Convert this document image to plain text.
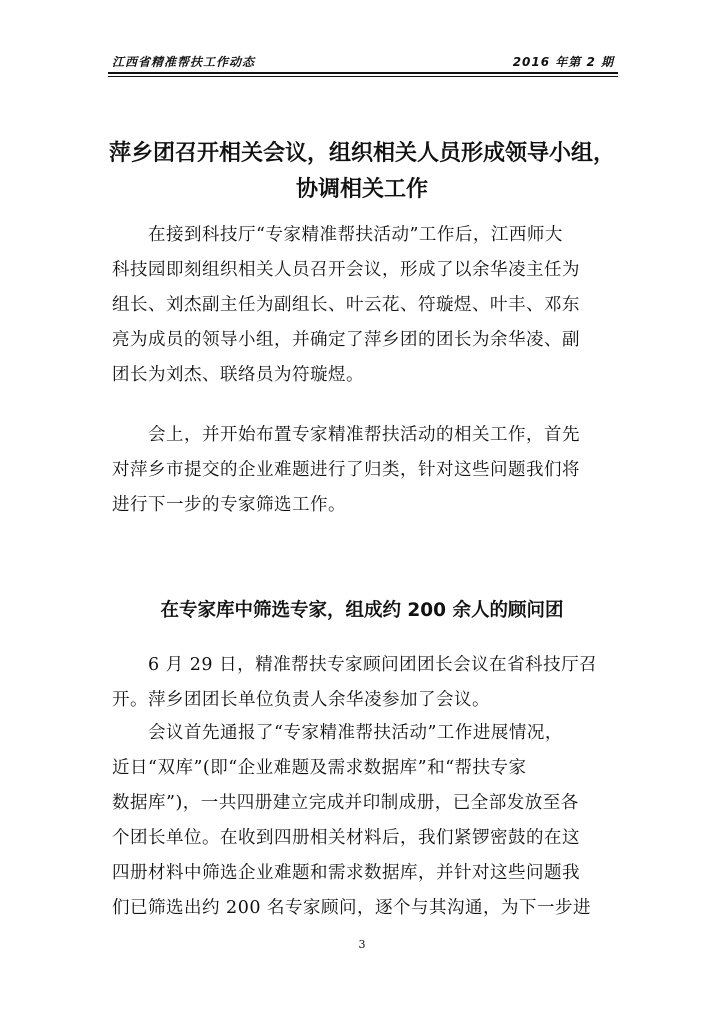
江西省精准帮扶工作动态	2016 年第 2 期
萍乡团召开相关会议，组织相关人员形成领导小组，
协调相关工作
　　在接到科技厅“专家精准帮扶活动”工作后，江西师大
科技园即刻组织相关人员召开会议，形成了以余华凌主任为
组长、刘杰副主任为副组长、叶云花、符璇煜、叶丰、邓东
亮为成员的领导小组，并确定了萍乡团的团长为余华凌、副
团长为刘杰、联络员为符璇煜。
　　会上，并开始布置专家精准帮扶活动的相关工作，首先
对萍乡市提交的企业难题进行了归类，针对这些问题我们将
进行下一步的专家筛选工作。
在专家库中筛选专家，组成约 200 余人的顾问团
　　6 月 29 日，精准帮扶专家顾问团团长会议在省科技厅召
开。萍乡团团长单位负责人余华凌参加了会议。
　　会议首先通报了“专家精准帮扶活动”工作进展情况，
近日“双库”(即“企业难题及需求数据库”和“帮扶专家
数据库”)，一共四册建立完成并印制成册，已全部发放至各
个团长单位。在收到四册相关材料后，我们紧锣密鼓的在这
四册材料中筛选企业难题和需求数据库，并针对这些问题我
们已筛选出约 200 名专家顾问，逐个与其沟通，为下一步进
3
